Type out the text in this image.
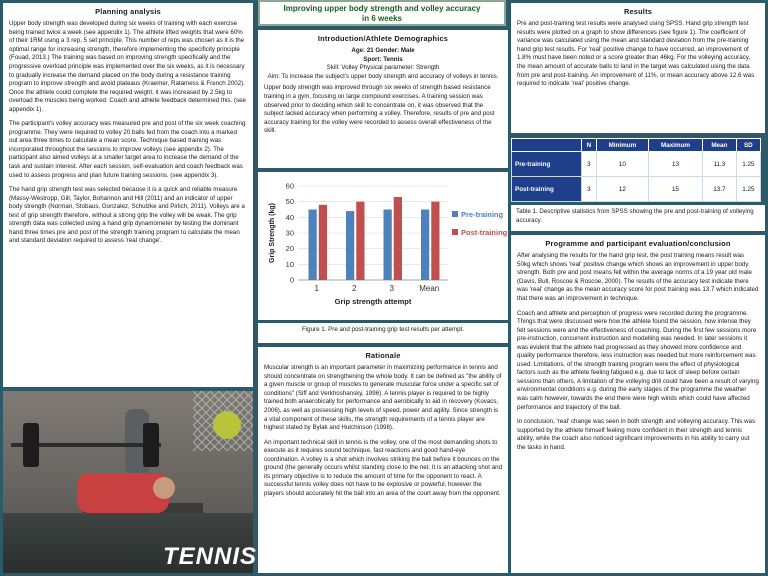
Planning analysis

Upper body strength was developed during six weeks of training with each exercise being trained twice a week (see appendix 1). The athlete lifted weights that were 60% of their 1RM using a 3 rep, 5 set principle. This number of reps was chosen as it is the optimal range for increasing strength, therefore implementing the specificity principle (Fouad, 2013.) The training was based on improving strength specifically and the progressive overload principle was implemented over the six weeks, as it is necessary to gradually increase the demand placed on the body during a resistance training program to improve strength and avoid plateaus (Kraemer, Ratamess & French 2002). Once the athlete could complete the required weight, it was increased by 2.5kg to overload the muscles being worked. Coach and athlete feedback determined this. (see appendix 1).

The participant's volley accuracy was measured pre and post of the six week coaching programme. They were required to volley 20 balls fed from the coach into a marked out area three times to calculate a mean score. Technique based training was incorporated throughout the sessions to improve volleys (see appendix 2). The participant also aimed volleys at a smaller target area to increase the demand of the task and sustain interest. After each session, self-evaluation and coach feedback was used to assess progress and plan future training sessions. (see appendix 3).

The hand grip strength test was selected because it is a quick and reliable measure (Massy-Westropp, Gill, Taylor, Bohannon and Hill (2011) and an indicator of upper body strength (Norman, Stobaus, Gonzalez, Schulzke and Pirlich, 2011). Volleys are a test of grip strength therefore, without a strong grip the volley will be weak. The grip strength data was collected using a hand grip dynamometer by testing the dominant hand three times pre and post of the strength training program to calculate the mean and standard deviation required to assess 'real change'.

Improving upper body strength and volley accuracy
in 6 weeks
Introduction/Athlete Demographics
Age: 21 Gender: Male
Sport: Tennis
Skill: Volley Physical parameter: Strength
Aim: To increase the subject's upper body strength and accuracy of volleys in tennis.

Upper body strength was improved through six weeks of strength based resistance training in a gym, focusing on large compound exercises. A training session was observed prior to deciding which skill to concentrate on, it was observed that the subject lacked accuracy when performing a volley. Therefore, results of pre and post accuracy training for the volley were recorded to assess overall effectiveness of the skill.

0
10
20
30
40
50
60
1	2	3	Mean
Grip strength attempt
Grip Strength (kg)	Pre-training
Post-training
Figure 1. Pre and post-training grip test results per attempt.
Rationale

Muscular strength is an important parameter in maximizing performance in tennis and should concentrate on strengthening the whole body. It can be defined as "the ability of a given muscle or group of muscles to generate muscular force under a specific set of conditions" (Siff and Verkhoshansky, 1996). A tennis player is required to be highly trained both anaerobically for performance and aerobically to aid in recovery (Kovacs, 2006), as well as possessing high levels of speed, power and agility. Since strength is a vital component of these skills, the strength requirements of a tennis player are highest stated by Bylak and Hutchinson (1998).

An important technical skill in tennis is the volley, one of the most demanding shots to execute as it requires sound technique, fast reactions and good hand-eye coordination. A volley is a shot which involves striking the ball before it bounces on the ground (the generally occurs whilst standing close to the net. It is an attacking shot and its primary objective is to reduce the amount of time for the opponent to react. A successful tennis volley does not have to be explosive or powerful, however the players should accurately hit the ball into an area of the court away from the opponent.

Results

Pre and post-training test results were analysed using SPSS. Hand grip strength test results were plotted on a graph to show differences (see figure 1). The coefficient of variance was calculated using the mean and standard deviation from the pre-training hand grip test results. For 'real' positive change to have occurred, an improvement of 1.8% must have been noted or a score greater than 46kg. For the volleying accuracy, the mean amount of accurate balls to land in the target was calculated using the data from pre and post-training. An improvement of 11%, or mean accuracy above 12.6 was required to indicate 'real' positive change.

	N	Minimum	Maximum	Mean	SD
Pre-training	3	10	13	11.3	1.25
Post-training	3	12	15	13.7	1.25
Table 1. Descriptive statistics from SPSS showing the pre and post-training of volleying accuracy.
Programme and participant evaluation/conclusion

After analysing the results for the hand grip test, the post training means result was 50kg which shows 'real' positive change which shows an improvement in upper body strength. Both pre and post means fell within the average norms of a 19 year old male (Davis, Bull, Roscoe & Roscoe, 2000). The results of the accuracy test indicate there was 'real' change as the mean accuracy score for post training was 13.7 which indicated that there was an improvement in technique.

Coach and athlete and perception of progress were recorded during the programme. Things that were discussed were how the athlete found the session, how intense they felt sessions were and the effectiveness of coaching. During the first few sessions more pre-instruction, concurrent instruction and modelling was needed. In later sessions it was evident that the athlete had progressed as they showed more confidence and quality performance therefore, less instruction was needed but more reinforcement was used. Limitations, of the strength training program were the effect of physiological factors such as the athlete feeling fatigued e.g. due to lack of sleep before certain sessions than others. A limitation of the volleying drill could have been a result of varying environmental conditions e.g. during the early stages of the programme the weather was calm however, towards the end there were high winds which could have affected performance and trajectory of the ball.

In conclusion, 'real' change was seen in both strength and volleying accuracy. This was supported by the athlete himself feeling more confident in their strength and tennis ability, while the coach also noticed significant improvements in his ability to carry out the tasks in hand.

TENNIS
